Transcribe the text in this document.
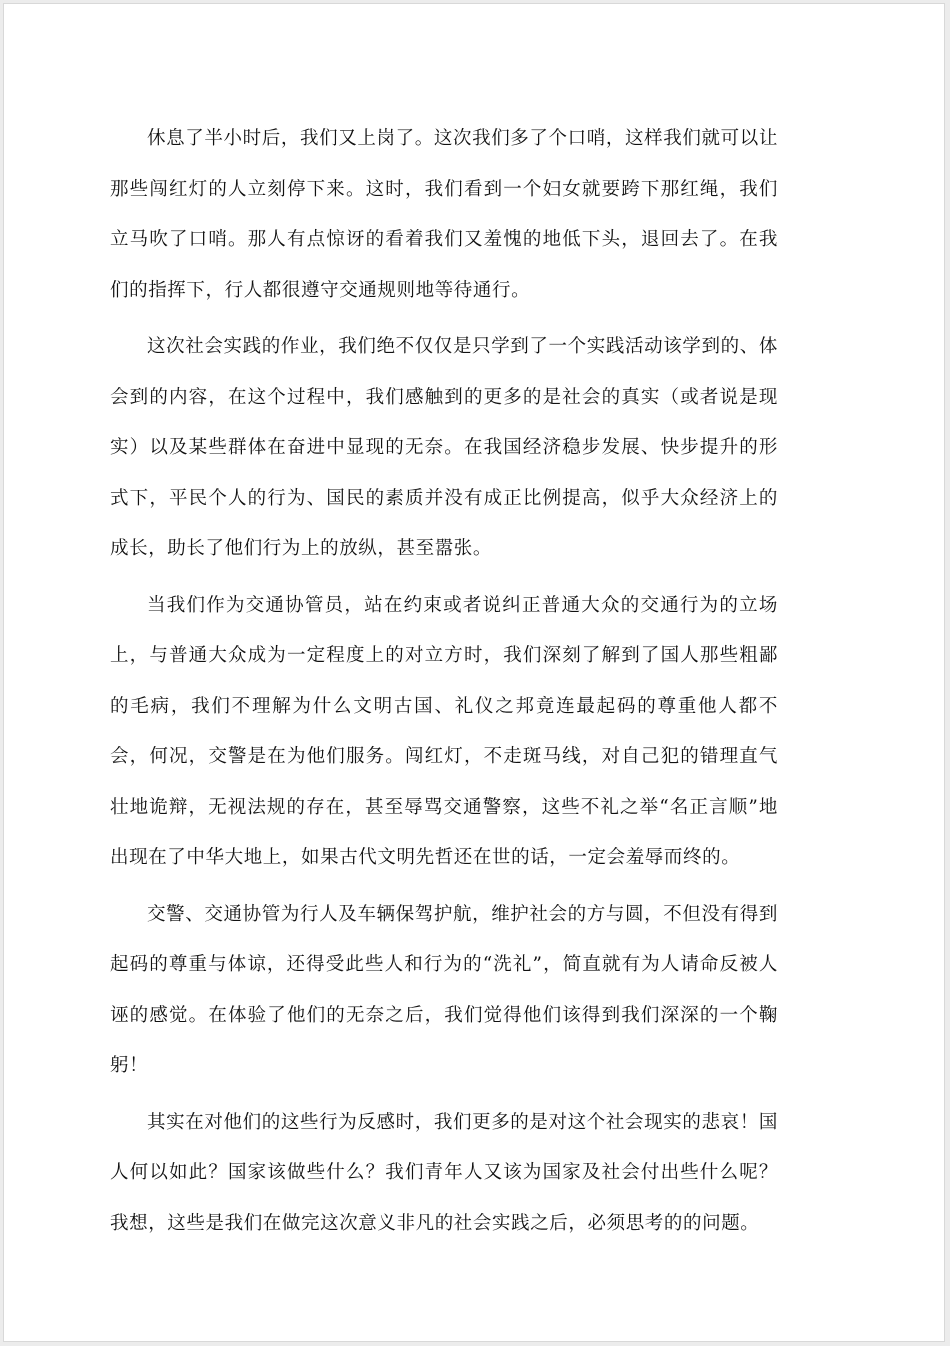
休息了半小时后，我们又上岗了。这次我们多了个口哨，这样我们就可以让那些闯红灯的人立刻停下来。这时，我们看到一个妇女就要跨下那红绳，我们立马吹了口哨。那人有点惊讶的看着我们又羞愧的地低下头，退回去了。在我们的指挥下，行人都很遵守交通规则地等待通行。

这次社会实践的作业，我们绝不仅仅是只学到了一个实践活动该学到的、体会到的内容，在这个过程中，我们感触到的更多的是社会的真实（或者说是现实）以及某些群体在奋进中显现的无奈。在我国经济稳步发展、快步提升的形式下，平民个人的行为、国民的素质并没有成正比例提高，似乎大众经济上的成长，助长了他们行为上的放纵，甚至嚣张。

当我们作为交通协管员，站在约束或者说纠正普通大众的交通行为的立场上，与普通大众成为一定程度上的对立方时，我们深刻了解到了国人那些粗鄙的毛病，我们不理解为什么文明古国、礼仪之邦竟连最起码的尊重他人都不会，何况，交警是在为他们服务。闯红灯，不走斑马线，对自己犯的错理直气壮地诡辩，无视法规的存在，甚至辱骂交通警察，这些不礼之举“名正言顺”地出现在了中华大地上，如果古代文明先哲还在世的话，一定会羞辱而终的。

交警、交通协管为行人及车辆保驾护航，维护社会的方与圆，不但没有得到起码的尊重与体谅，还得受此些人和行为的“洗礼”，简直就有为人请命反被人诬的感觉。在体验了他们的无奈之后，我们觉得他们该得到我们深深的一个鞠躬！

其实在对他们的这些行为反感时，我们更多的是对这个社会现实的悲哀！国人何以如此？国家该做些什么？我们青年人又该为国家及社会付出些什么呢？我想，这些是我们在做完这次意义非凡的社会实践之后，必须思考的的问题。
